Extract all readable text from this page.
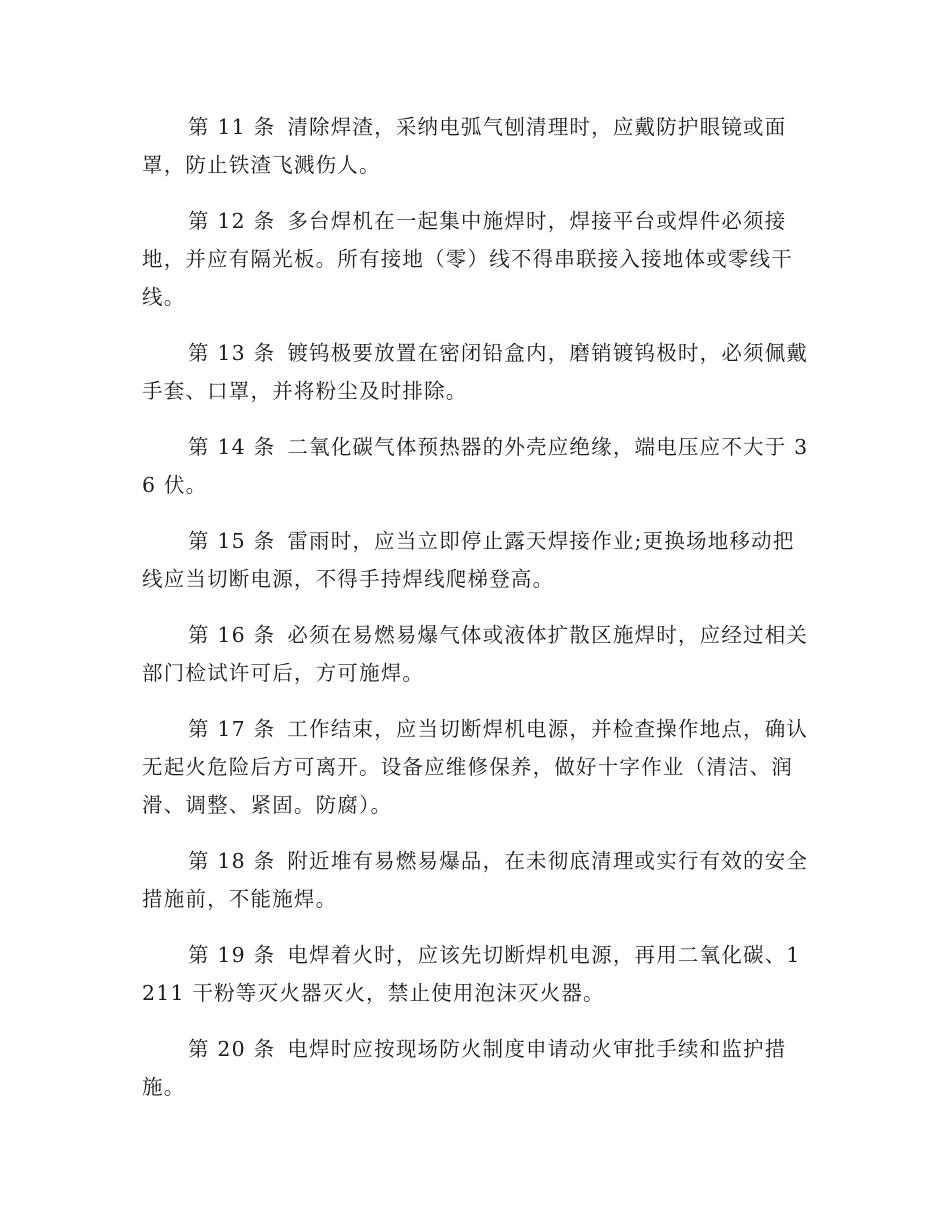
第 11 条 清除焊渣，采纳电弧气刨清理时，应戴防护眼镜或面罩，防止铁渣飞溅伤人。

第 12 条 多台焊机在一起集中施焊时，焊接平台或焊件必须接地，并应有隔光板。所有接地（零）线不得串联接入接地体或零线干线。

第 13 条 镀钨极要放置在密闭铅盒内，磨销镀钨极时，必须佩戴手套、口罩，并将粉尘及时排除。

第 14 条 二氧化碳气体预热器的外壳应绝缘，端电压应不大于 36 伏。

第 15 条 雷雨时，应当立即停止露天焊接作业;更换场地移动把线应当切断电源，不得手持焊线爬梯登高。

第 16 条 必须在易燃易爆气体或液体扩散区施焊时，应经过相关部门检试许可后，方可施焊。

第 17 条 工作结束，应当切断焊机电源，并检查操作地点，确认无起火危险后方可离开。设备应维修保养，做好十字作业（清洁、润滑、调整、紧固。防腐）。

第 18 条 附近堆有易燃易爆品，在未彻底清理或实行有效的安全措施前，不能施焊。

第 19 条 电焊着火时，应该先切断焊机电源，再用二氧化碳、1211 干粉等灭火器灭火，禁止使用泡沫灭火器。

第 20 条 电焊时应按现场防火制度申请动火审批手续和监护措施。
